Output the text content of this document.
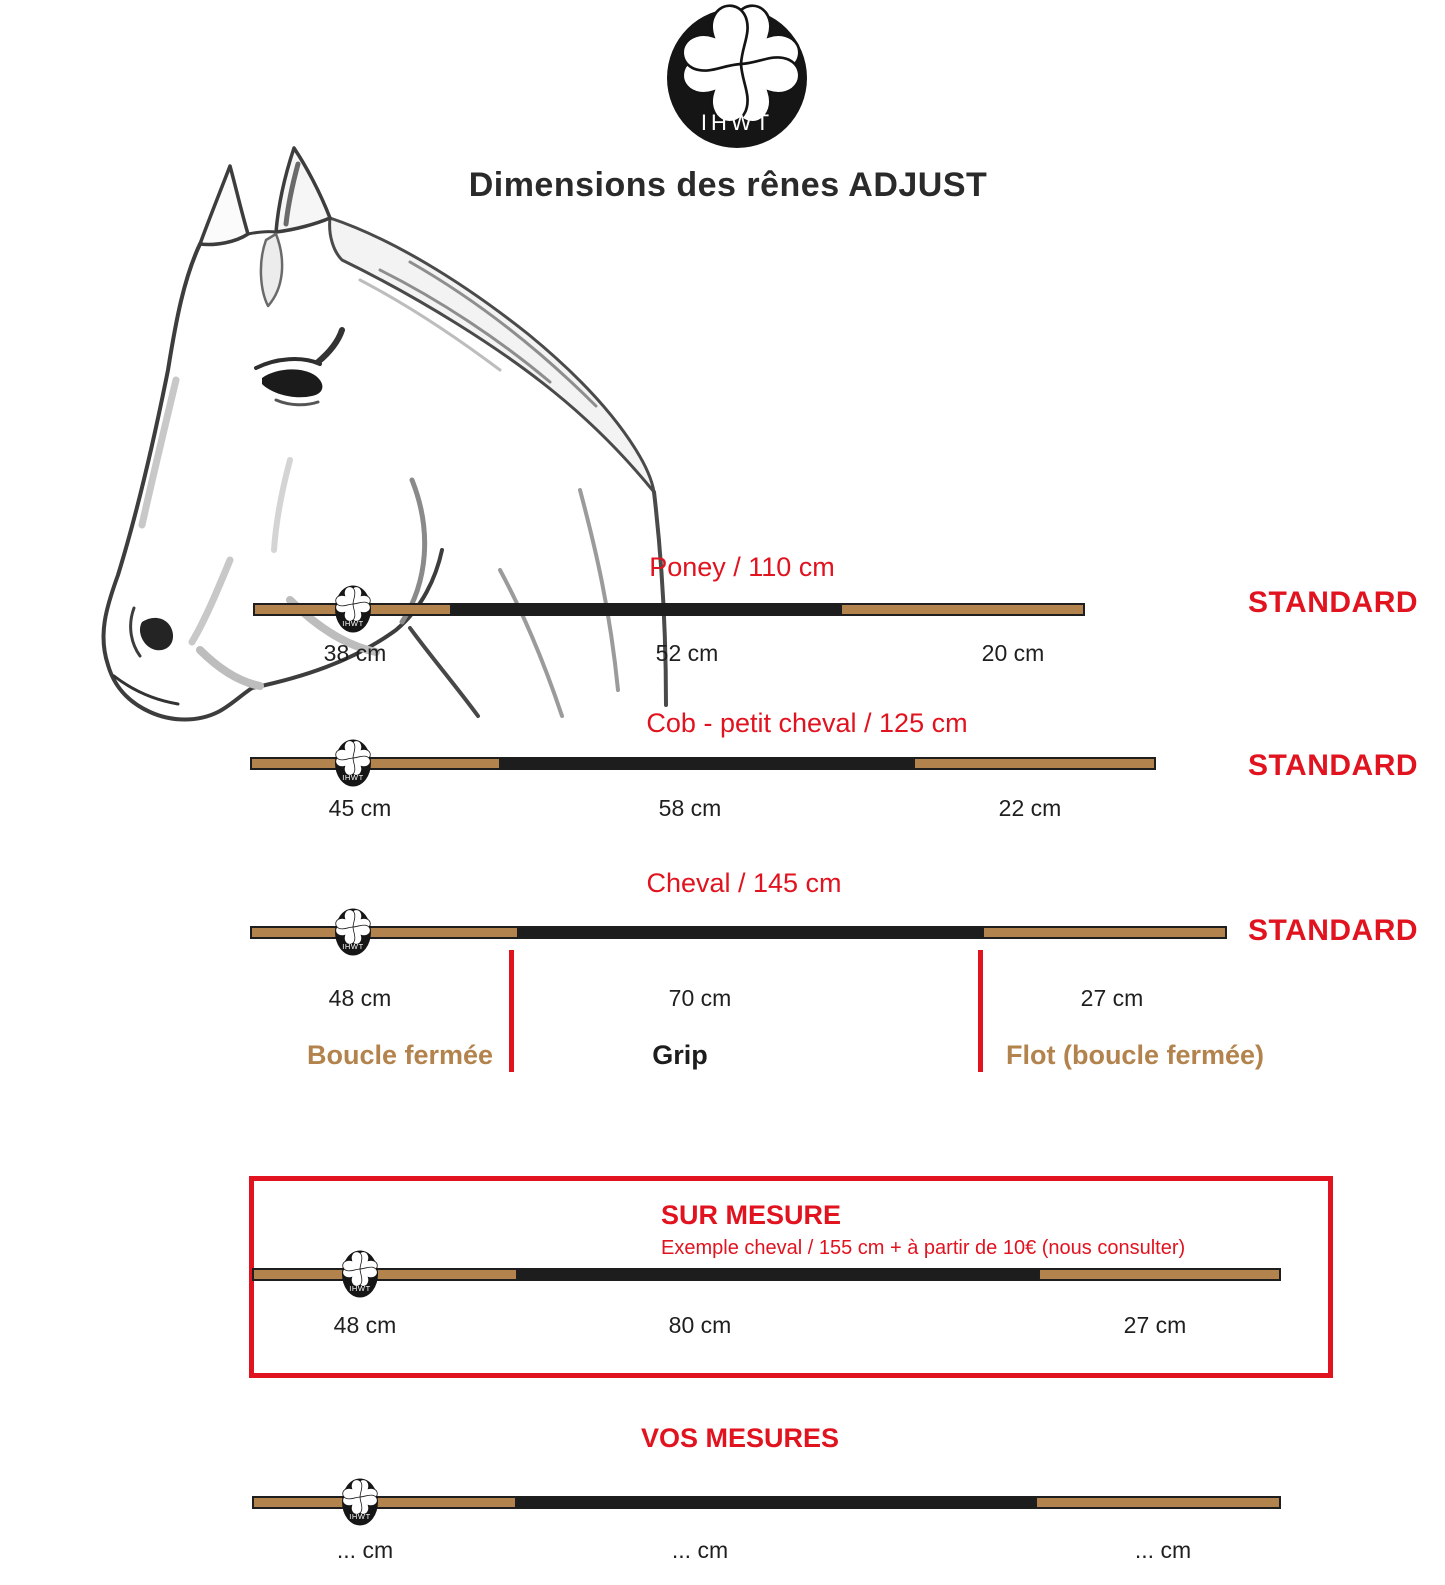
IHWT
Dimensions des rênes ADJUST
Poney / 110 cm
38 cm	52 cm	20 cm
STANDARD
Cob - petit cheval / 125 cm
45 cm	58 cm	22 cm
STANDARD
Cheval / 145 cm
STANDARD
48 cm	70 cm	27 cm
Boucle fermée	Grip	Flot (boucle fermée)
SUR MESURE
Exemple cheval / 155 cm + à partir de 10€ (nous consulter)
48 cm	80 cm	27 cm
VOS MESURES
... cm	... cm	... cm
